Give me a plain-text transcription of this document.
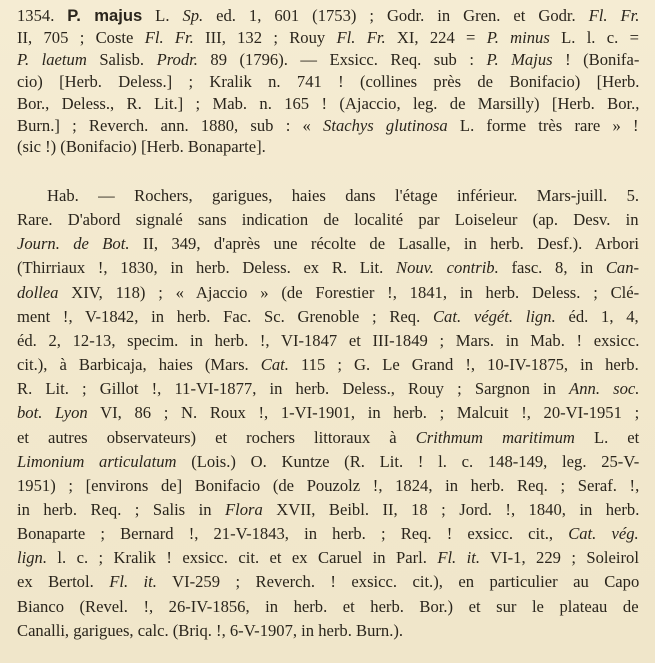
1354. P. majus L. Sp. ed. 1, 601 (1753) ; Godr. in Gren. et Godr. Fl. Fr.
II, 705 ; Coste Fl. Fr. III, 132 ; Rouy Fl. Fr. XI, 224 = P. minus L. l. c. =
P. laetum Salisb. Prodr. 89 (1796). — Exsicc. Req. sub : P. Majus ! (Bonifa-
cio) [Herb. Deless.] ; Kralik n. 741 ! (collines près de Bonifacio) [Herb.
Bor., Deless., R. Lit.] ; Mab. n. 165 ! (Ajaccio, leg. de Marsilly) [Herb. Bor.,
Burn.] ; Reverch. ann. 1880, sub : « Stachys glutinosa L. forme très rare » !
(sic !) (Bonifacio) [Herb. Bonaparte].
Hab. — Rochers, garigues, haies dans l'étage inférieur. Mars-juill. 5.
Rare. D'abord signalé sans indication de localité par Loiseleur (ap. Desv. in
Journ. de Bot. II, 349, d'après une récolte de Lasalle, in herb. Desf.). Arbori
(Thirriaux !, 1830, in herb. Deless. ex R. Lit. Nouv. contrib. fasc. 8, in Can-
dollea XIV, 118) ; « Ajaccio » (de Forestier !, 1841, in herb. Deless. ; Clé-
ment !, V-1842, in herb. Fac. Sc. Grenoble ; Req. Cat. végét. lign. éd. 1, 4,
éd. 2, 12-13, specim. in herb. !, VI-1847 et III-1849 ; Mars. in Mab. ! exsicc.
cit.), à Barbicaja, haies (Mars. Cat. 115 ; G. Le Grand !, 10-IV-1875, in herb.
R. Lit. ; Gillot !, 11-VI-1877, in herb. Deless., Rouy ; Sargnon in Ann. soc.
bot. Lyon VI, 86 ; N. Roux !, 1-VI-1901, in herb. ; Malcuit !, 20-VI-1951 ;
et autres observateurs) et rochers littoraux à Crithmum maritimum L. et
Limonium articulatum (Lois.) O. Kuntze (R. Lit. ! l. c. 148-149, leg. 25-V-
1951) ; [environs de] Bonifacio (de Pouzolz !, 1824, in herb. Req. ; Seraf. !,
in herb. Req. ; Salis in Flora XVII, Beibl. II, 18 ; Jord. !, 1840, in herb.
Bonaparte ; Bernard !, 21-V-1843, in herb. ; Req. ! exsicc. cit., Cat. vég.
lign. l. c. ; Kralik ! exsicc. cit. et ex Caruel in Parl. Fl. it. VI-1, 229 ; Soleirol
ex Bertol. Fl. it. VI-259 ; Reverch. ! exsicc. cit.), en particulier au Capo
Bianco (Revel. !, 26-IV-1856, in herb. et herb. Bor.) et sur le plateau de
Canalli, garigues, calc. (Briq. !, 6-V-1907, in herb. Burn.).
